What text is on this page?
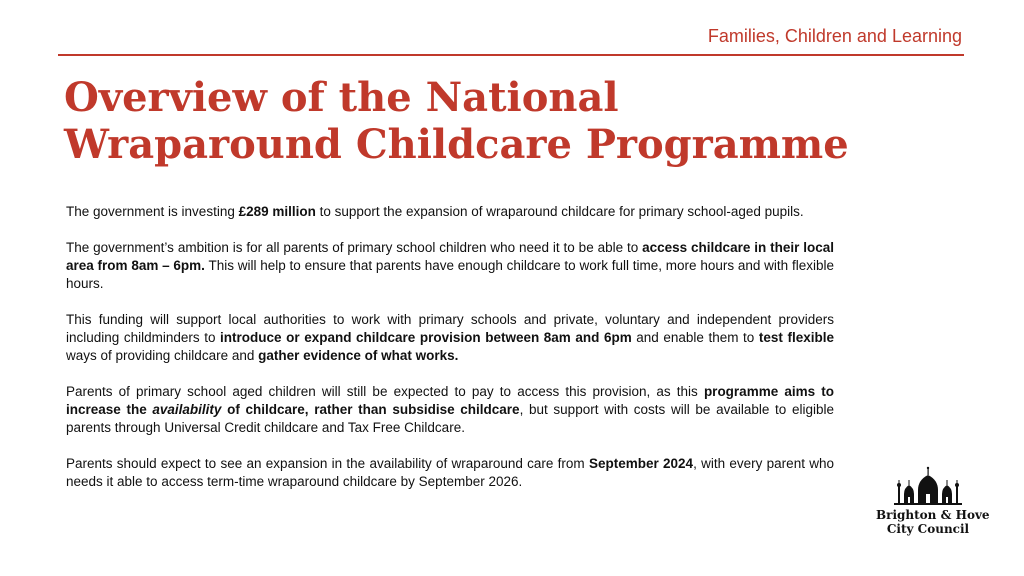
Families, Children and Learning
Overview of the National
Wraparound Childcare Programme

The government is investing £289 million to support the expansion of wraparound childcare for primary school-aged pupils.

The government’s ambition is for all parents of primary school children who need it to be able to access childcare in their local area from 8am – 6pm. This will help to ensure that parents have enough childcare to work full time, more hours and with flexible hours.

This funding will support local authorities to work with primary schools and private, voluntary and independent providers including childminders to introduce or expand childcare provision between 8am and 6pm and enable them to test flexible ways of providing childcare and gather evidence of what works.

Parents of primary school aged children will still be expected to pay to access this provision, as this programme aims to increase the availability of childcare, rather than subsidise childcare, but support with costs will be available to eligible parents through Universal Credit childcare and Tax Free Childcare.

Parents should expect to see an expansion in the availability of wraparound care from September 2024, with every parent who needs it able to access term-time wraparound childcare by September 2026.

Brighton & Hove
City Council
